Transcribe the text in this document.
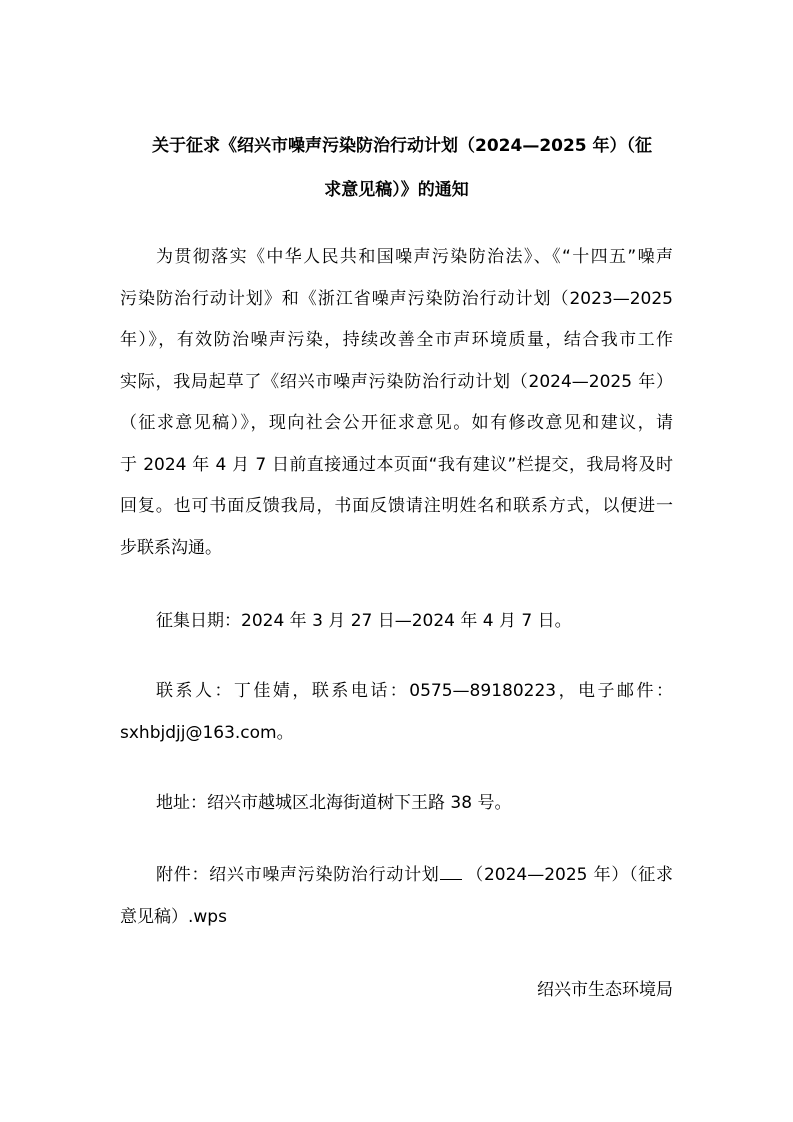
关于征求《绍兴市噪声污染防治行动计划（2024—2025 年）（征
求意见稿）》的通知
为贯彻落实《中华人民共和国噪声污染防治法》、《“十四五”噪声
污染防治行动计划》和《浙江省噪声污染防治行动计划（2023—2025
年）》，有效防治噪声污染，持续改善全市声环境质量，结合我市工作
实际，我局起草了《绍兴市噪声污染防治行动计划（2024—2025 年）
（征求意见稿）》，现向社会公开征求意见。如有修改意见和建议，请
于 2024 年 4 月 7 日前直接通过本页面“我有建议”栏提交，我局将及时
回复。也可书面反馈我局，书面反馈请注明姓名和联系方式，以便进一
步联系沟通。
征集日期：2024 年 3 月 27 日—2024 年 4 月 7 日。
联系人：丁佳婧，联系电话：0575—89180223，电子邮件：
sxhbjdjj@163.com。
地址：绍兴市越城区北海街道树下王路 38 号。
附件：绍兴市噪声污染防治行动计划 （2024—2025 年）（征求
意见稿）.wps
绍兴市生态环境局
